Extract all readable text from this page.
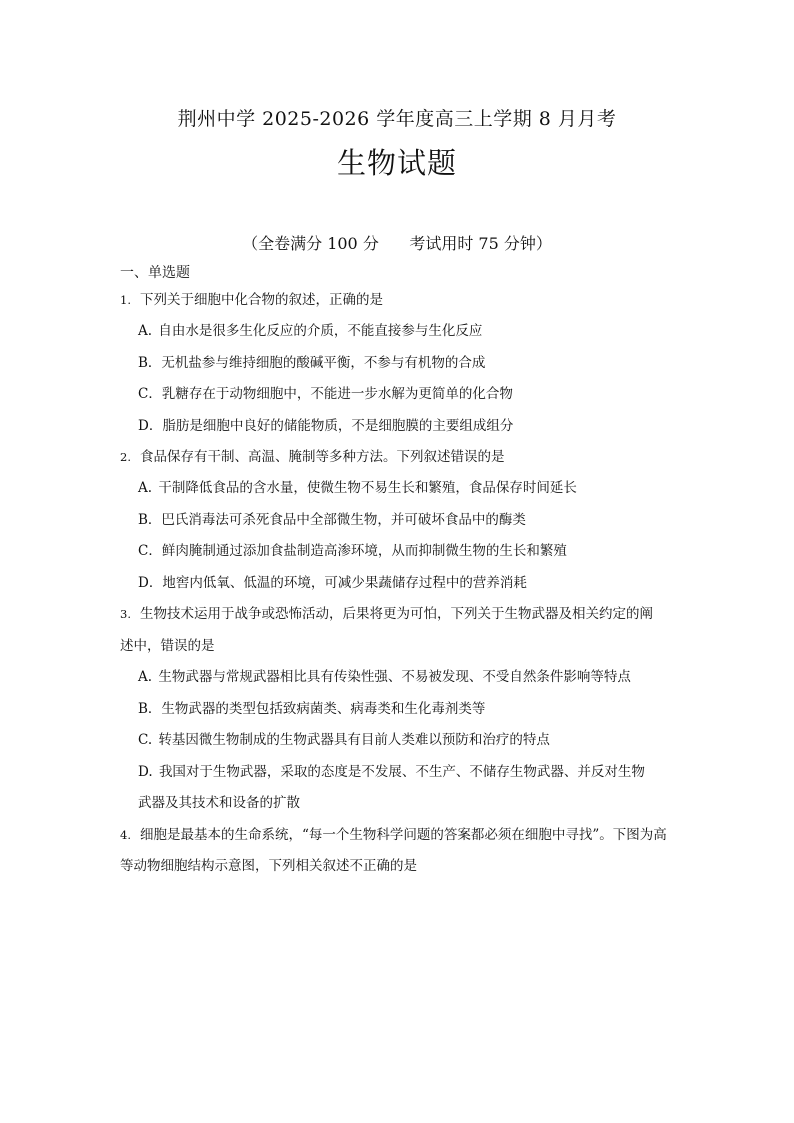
荆州中学 2025-2026 学年度高三上学期 8 月月考
生物试题
（全卷满分 100 分      考试用时 75 分钟）
一、单选题
1. 下列关于细胞中化合物的叙述，正确的是
A. 自由水是很多生化反应的介质，不能直接参与生化反应
B．无机盐参与维持细胞的酸碱平衡，不参与有机物的合成
C．乳糖存在于动物细胞中，不能进一步水解为更简单的化合物
D．脂肪是细胞中良好的储能物质，不是细胞膜的主要组成组分
2. 食品保存有干制、高温、腌制等多种方法。下列叙述错误的是
A. 干制降低食品的含水量，使微生物不易生长和繁殖，食品保存时间延长
B．巴氏消毒法可杀死食品中全部微生物，并可破坏食品中的酶类
C．鲜肉腌制通过添加食盐制造高渗环境，从而抑制微生物的生长和繁殖
D．地窖内低氧、低温的环境，可减少果蔬储存过程中的营养消耗
3. 生物技术运用于战争或恐怖活动，后果将更为可怕，下列关于生物武器及相关约定的阐
述中，错误的是
A. 生物武器与常规武器相比具有传染性强、不易被发现、不受自然条件影响等特点
B．生物武器的类型包括致病菌类、病毒类和生化毒剂类等
C. 转基因微生物制成的生物武器具有目前人类难以预防和治疗的特点
D. 我国对于生物武器，采取的态度是不发展、不生产、不储存生物武器、并反对生物
武器及其技术和设备的扩散
4. 细胞是最基本的生命系统，“每一个生物科学问题的答案都必须在细胞中寻找”。下图为高
等动物细胞结构示意图，下列相关叙述不正确的是
